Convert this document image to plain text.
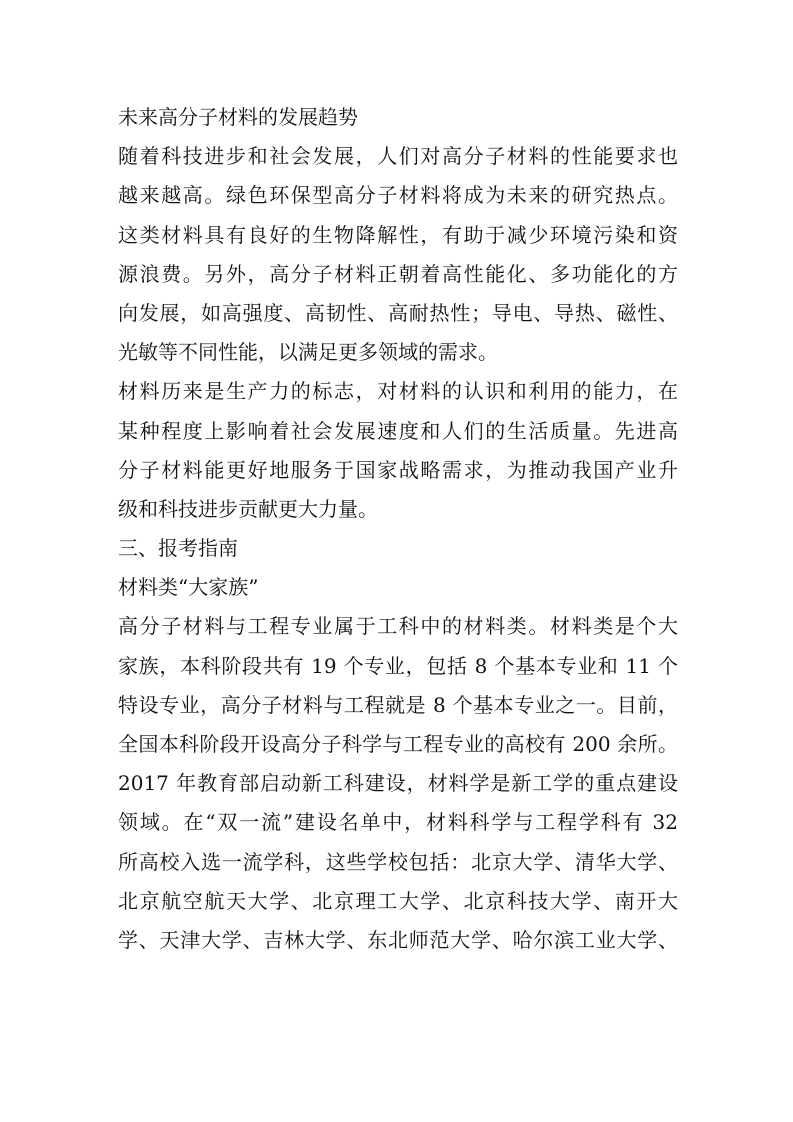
未来高分子材料的发展趋势
随着科技进步和社会发展，人们对高分子材料的性能要求也
越来越高。绿色环保型高分子材料将成为未来的研究热点。
这类材料具有良好的生物降解性，有助于减少环境污染和资
源浪费。另外，高分子材料正朝着高性能化、多功能化的方
向发展，如高强度、高韧性、高耐热性；导电、导热、磁性、
光敏等不同性能，以满足更多领域的需求。
材料历来是生产力的标志，对材料的认识和利用的能力，在
某种程度上影响着社会发展速度和人们的生活质量。先进高
分子材料能更好地服务于国家战略需求，为推动我国产业升
级和科技进步贡献更大力量。
三、报考指南
材料类“大家族”
高分子材料与工程专业属于工科中的材料类。材料类是个大
家族，本科阶段共有 19 个专业，包括 8 个基本专业和 11 个
特设专业，高分子材料与工程就是 8 个基本专业之一。目前，
全国本科阶段开设高分子科学与工程专业的高校有 200 余所。
2017 年教育部启动新工科建设，材料学是新工学的重点建设
领域。在“双一流”建设名单中，材料科学与工程学科有 32
所高校入选一流学科，这些学校包括：北京大学、清华大学、
北京航空航天大学、北京理工大学、北京科技大学、南开大
学、天津大学、吉林大学、东北师范大学、哈尔滨工业大学、
